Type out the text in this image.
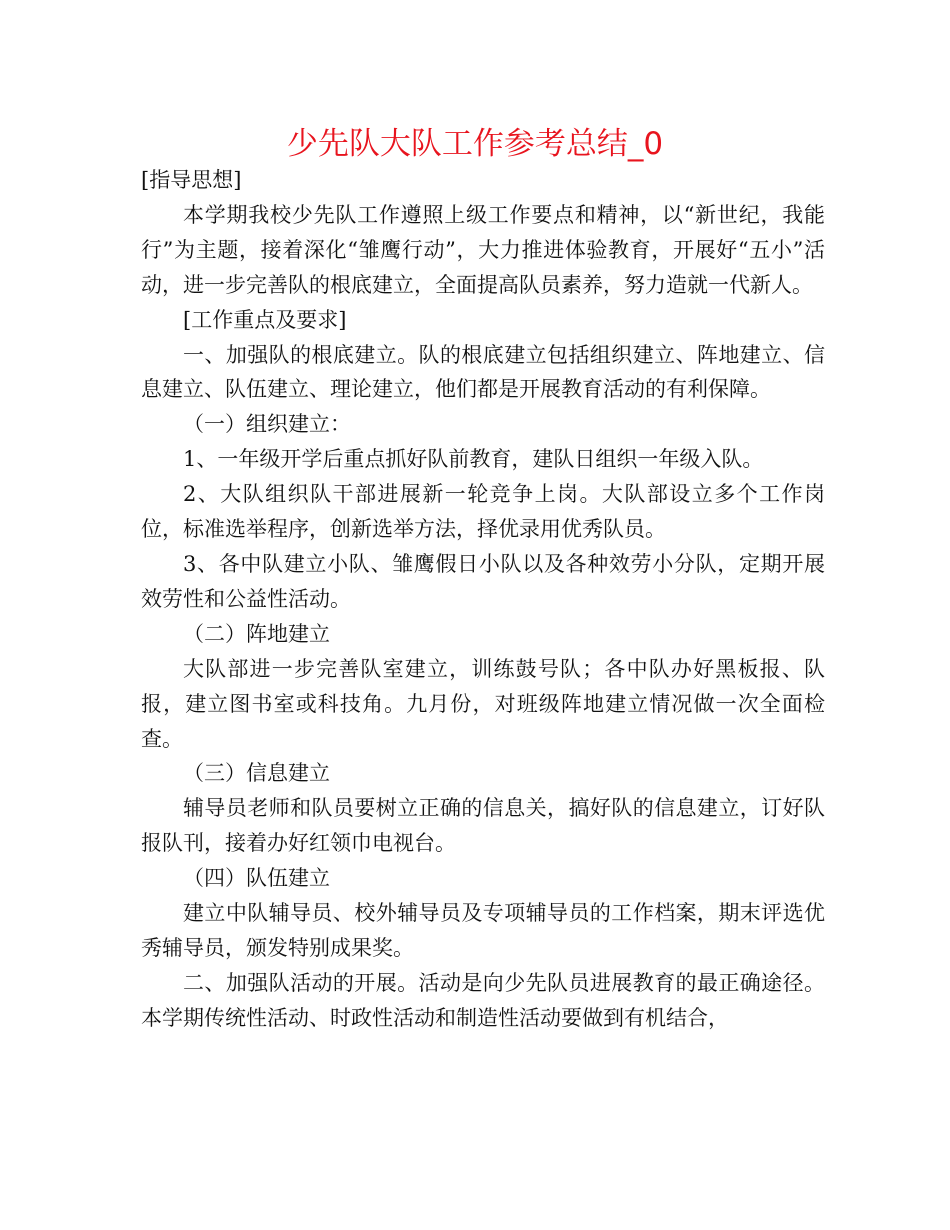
少先队大队工作参考总结_0

[指导思想]

本学期我校少先队工作遵照上级工作要点和精神，以“新世纪，我能行”为主题，接着深化“雏鹰行动”，大力推进体验教育，开展好“五小”活动，进一步完善队的根底建立，全面提高队员素养，努力造就一代新人。

[工作重点及要求]

一、加强队的根底建立。队的根底建立包括组织建立、阵地建立、信息建立、队伍建立、理论建立，他们都是开展教育活动的有利保障。

（一）组织建立：

1、一年级开学后重点抓好队前教育，建队日组织一年级入队。

2、大队组织队干部进展新一轮竞争上岗。大队部设立多个工作岗位，标准选举程序，创新选举方法，择优录用优秀队员。

3、各中队建立小队、雏鹰假日小队以及各种效劳小分队，定期开展效劳性和公益性活动。

（二）阵地建立

大队部进一步完善队室建立，训练鼓号队；各中队办好黑板报、队报，建立图书室或科技角。九月份，对班级阵地建立情况做一次全面检查。

（三）信息建立

辅导员老师和队员要树立正确的信息关，搞好队的信息建立，订好队报队刊，接着办好红领巾电视台。

（四）队伍建立

建立中队辅导员、校外辅导员及专项辅导员的工作档案，期末评选优秀辅导员，颁发特别成果奖。

二、加强队活动的开展。活动是向少先队员进展教育的最正确途径。本学期传统性活动、时政性活动和制造性活动要做到有机结合，
